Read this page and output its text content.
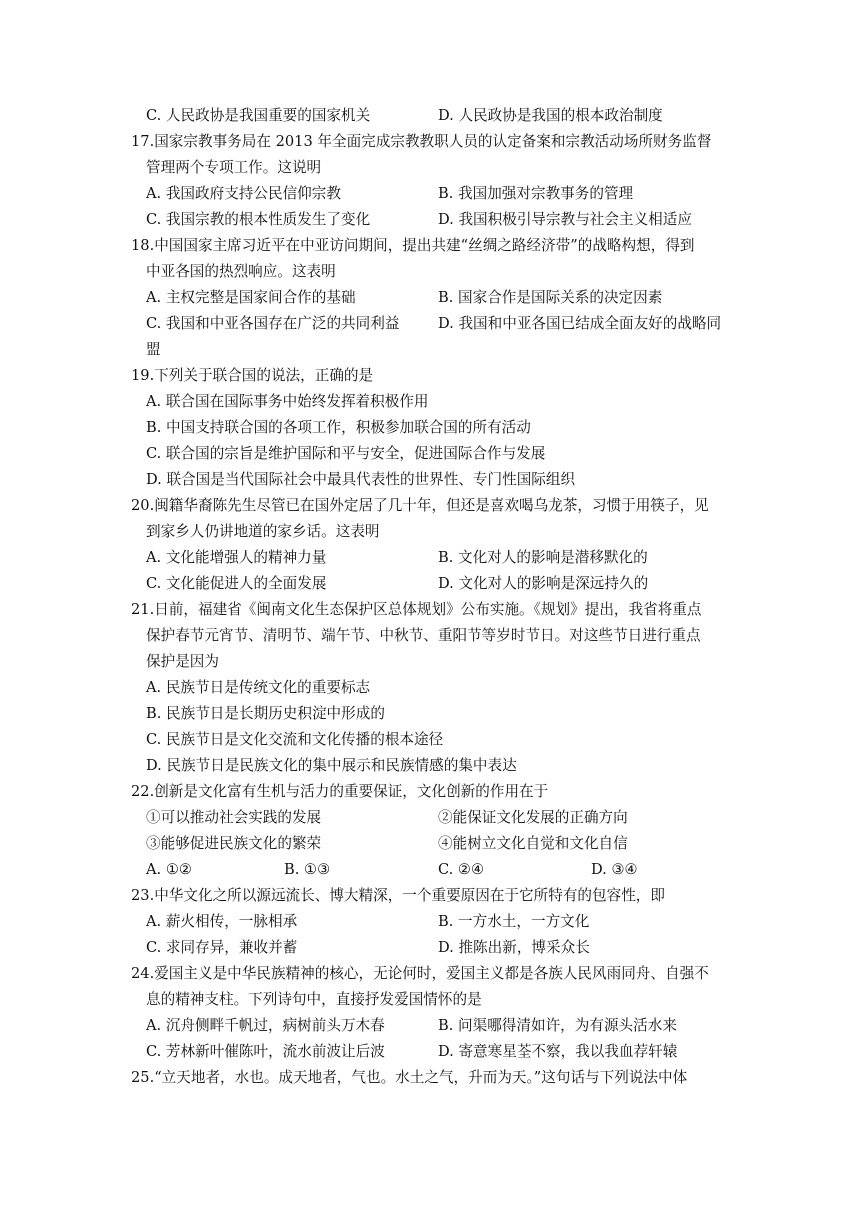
C. 人民政协是我国重要的国家机关	D. 人民政协是我国的根本政治制度
17.国家宗教事务局在 2013 年全面完成宗教教职人员的认定备案和宗教活动场所财务监督
管理两个专项工作。这说明
A. 我国政府支持公民信仰宗教	B. 我国加强对宗教事务的管理
C. 我国宗教的根本性质发生了变化	D. 我国积极引导宗教与社会主义相适应
18.中国国家主席习近平在中亚访问期间，提出共建“丝绸之路经济带”的战略构想，得到
中亚各国的热烈响应。这表明
A. 主权完整是国家间合作的基础	B. 国家合作是国际关系的决定因素
C. 我国和中亚各国存在广泛的共同利益	D. 我国和中亚各国已结成全面友好的战略同
盟
19.下列关于联合国的说法，正确的是
A. 联合国在国际事务中始终发挥着积极作用
B. 中国支持联合国的各项工作，积极参加联合国的所有活动
C. 联合国的宗旨是维护国际和平与安全，促进国际合作与发展
D. 联合国是当代国际社会中最具代表性的世界性、专门性国际组织
20.闽籍华裔陈先生尽管已在国外定居了几十年，但还是喜欢喝乌龙茶，习惯于用筷子，见
到家乡人仍讲地道的家乡话。这表明
A. 文化能增强人的精神力量	B. 文化对人的影响是潜移默化的
C. 文化能促进人的全面发展	D. 文化对人的影响是深远持久的
21.日前，福建省《闽南文化生态保护区总体规划》公布实施。《规划》提出，我省将重点
保护春节元宵节、清明节、端午节、中秋节、重阳节等岁时节日。对这些节日进行重点
保护是因为
A. 民族节日是传统文化的重要标志
B. 民族节日是长期历史积淀中形成的
C. 民族节日是文化交流和文化传播的根本途径
D. 民族节日是民族文化的集中展示和民族情感的集中表达
22.创新是文化富有生机与活力的重要保证，文化创新的作用在于
①可以推动社会实践的发展	②能保证文化发展的正确方向
③能够促进民族文化的繁荣	④能树立文化自觉和文化自信
A. ①②	B. ①③	C. ②④	D. ③④
23.中华文化之所以源远流长、博大精深，一个重要原因在于它所特有的包容性，即
A. 薪火相传，一脉相承	B. 一方水土，一方文化
C. 求同存异，兼收并蓄	D. 推陈出新，博采众长
24.爱国主义是中华民族精神的核心，无论何时，爱国主义都是各族人民风雨同舟、自强不
息的精神支柱。下列诗句中，直接抒发爱国情怀的是
A. 沉舟侧畔千帆过，病树前头万木春	B. 问渠哪得清如许，为有源头活水来
C. 芳林新叶催陈叶，流水前波让后波	D. 寄意寒星荃不察，我以我血荐轩辕
25.“立天地者，水也。成天地者，气也。水土之气，升而为天。”这句话与下列说法中体
